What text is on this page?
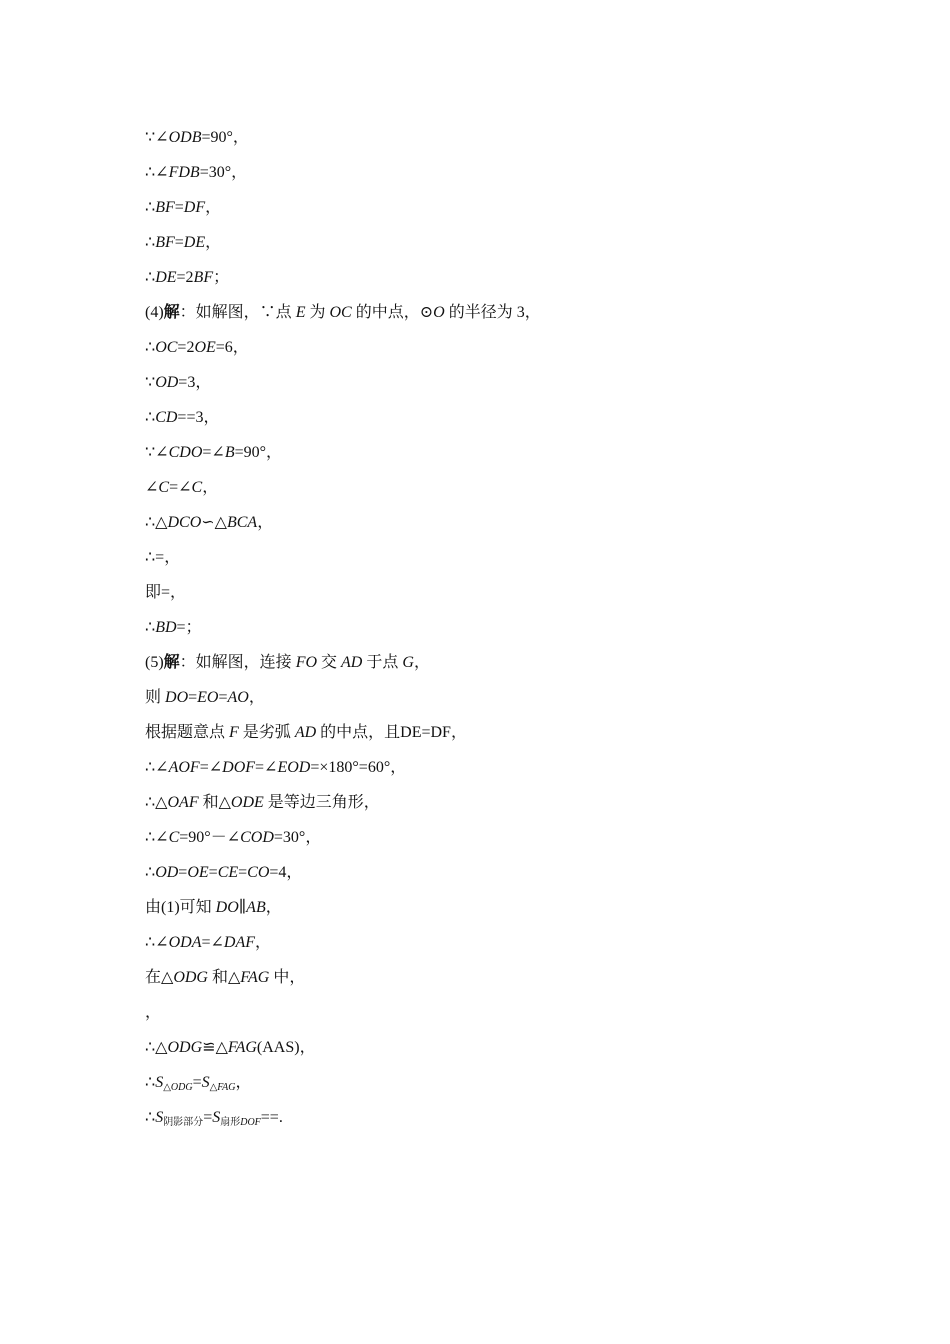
∵∠ODB=90°，
∴∠FDB=30°，
∴BF=DF，
∴BF=DE，
∴DE=2BF；
(4)解：如解图，∵点 E 为 OC 的中点，⊙O 的半径为 3，
∴OC=2OE=6，
∵OD=3，
∴CD==3，
∵∠CDO=∠B=90°，
∠C=∠C，
∴△DCO∽△BCA，
∴=，
即=，
∴BD=；
(5)解：如解图，连接 FO 交 AD 于点 G，
则 DO=EO=AO，
根据题意点 F 是劣弧 AD 的中点，且DE=DF，
∴∠AOF=∠DOF=∠EOD=×180°=60°，
∴△OAF 和△ODE 是等边三角形，
∴∠C=90°－∠COD=30°，
∴OD=OE=CE=CO=4，
由(1)可知 DO∥AB，
∴∠ODA=∠DAF，
在△ODG 和△FAG 中，
，
∴△ODG≌△FAG(AAS)，
$\therefore S_{\triangle ODG}=S_{\triangle FAG}$，
$\therefore S_{阴影部分}=S_{扇形DOF}==$.
